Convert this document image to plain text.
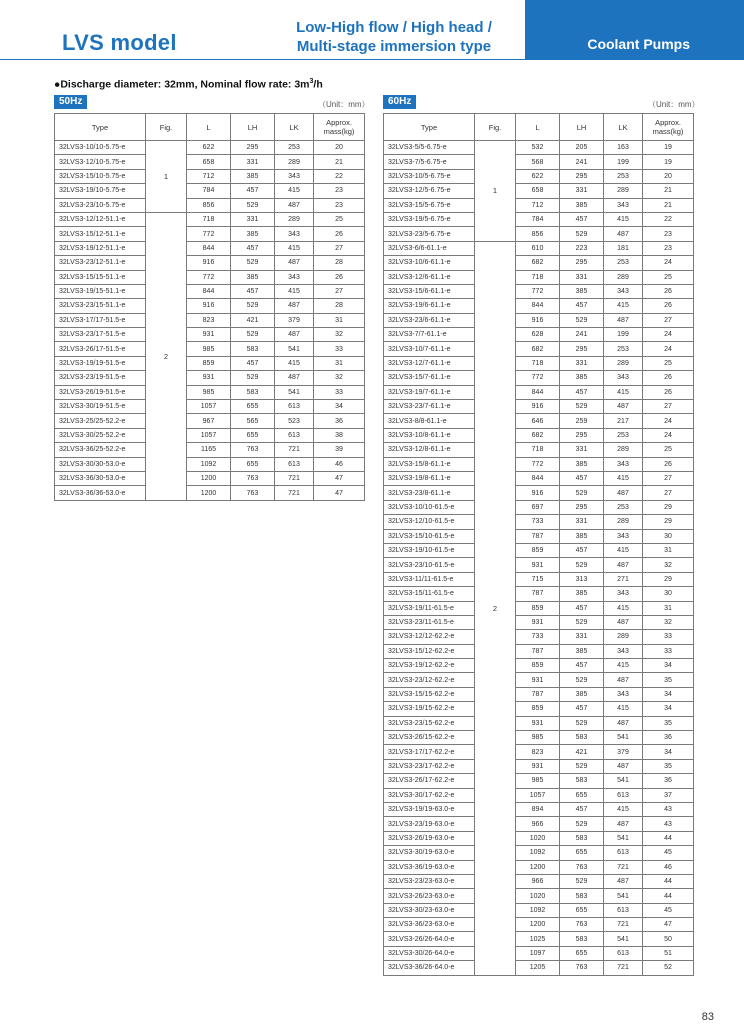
LVS model
Low-High flow / High head /
Multi-stage immersion type	Coolant Pumps
●Discharge diameter: 32mm, Nominal flow rate: $3m^3/h$
50Hz	（Unit：mm）	60Hz	（Unit：mm）
Type	Fig.	L	LH	LK	Approx.
mass(kg)
32LVS3-10/10-5.75-e	1	622	295	253	20
32LVS3-12/10-5.75-e		658	331	289	21
32LVS3-15/10-5.75-e		712	385	343	22
32LVS3-19/10-5.75-e		784	457	415	23
32LVS3-23/10-5.75-e		856	529	487	23
32LVS3-12/12-51.1-e	2	718	331	289	25
32LVS3-15/12-51.1-e		772	385	343	26
32LVS3-19/12-51.1-e		844	457	415	27
32LVS3-23/12-51.1-e		916	529	487	28
32LVS3-15/15-51.1-e		772	385	343	26
32LVS3-19/15-51.1-e		844	457	415	27
32LVS3-23/15-51.1-e		916	529	487	28
32LVS3-17/17-51.5-e		823	421	379	31
32LVS3-23/17-51.5-e		931	529	487	32
32LVS3-26/17-51.5-e		985	583	541	33
32LVS3-19/19-51.5-e		859	457	415	31
32LVS3-23/19-51.5-e		931	529	487	32
32LVS3-26/19-51.5-e		985	583	541	33
32LVS3-30/19-51.5-e		1057	655	613	34
32LVS3-25/25-52.2-e		967	565	523	36
32LVS3-30/25-52.2-e		1057	655	613	38
32LVS3-36/25-52.2-e		1165	763	721	39
32LVS3-30/30-53.0-e		1092	655	613	46
32LVS3-36/30-53.0-e		1200	763	721	47
32LVS3-36/36-53.0-e		1200	763	721	47
Type	Fig.	L	LH	LK	Approx.
mass(kg)
32LVS3-5/5-6.75-e	1	532	205	163	19
32LVS3-7/5-6.75-e		568	241	199	19
32LVS3-10/5-6.75-e		622	295	253	20
32LVS3-12/5-6.75-e		658	331	289	21
32LVS3-15/5-6.75-e		712	385	343	21
32LVS3-19/5-6.75-e		784	457	415	22
32LVS3-23/5-6.75-e		856	529	487	23
32LVS3-6/6-61.1-e	2	610	223	181	23
32LVS3-10/6-61.1-e		682	295	253	24
32LVS3-12/6-61.1-e		718	331	289	25
32LVS3-15/6-61.1-e		772	385	343	26
32LVS3-19/6-61.1-e		844	457	415	26
32LVS3-23/6-61.1-e		916	529	487	27
32LVS3-7/7-61.1-e		628	241	199	24
32LVS3-10/7-61.1-e		682	295	253	24
32LVS3-12/7-61.1-e		718	331	289	25
32LVS3-15/7-61.1-e		772	385	343	26
32LVS3-19/7-61.1-e		844	457	415	26
32LVS3-23/7-61.1-e		916	529	487	27
32LVS3-8/8-61.1-e		646	259	217	24
32LVS3-10/8-61.1-e		682	295	253	24
32LVS3-12/8-61.1-e		718	331	289	25
32LVS3-15/8-61.1-e		772	385	343	26
32LVS3-19/8-61.1-e		844	457	415	27
32LVS3-23/8-61.1-e		916	529	487	27
32LVS3-10/10-61.5-e		697	295	253	29
32LVS3-12/10-61.5-e		733	331	289	29
32LVS3-15/10-61.5-e		787	385	343	30
32LVS3-19/10-61.5-e		859	457	415	31
32LVS3-23/10-61.5-e		931	529	487	32
32LVS3-11/11-61.5-e		715	313	271	29
32LVS3-15/11-61.5-e		787	385	343	30
32LVS3-19/11-61.5-e		859	457	415	31
32LVS3-23/11-61.5-e		931	529	487	32
32LVS3-12/12-62.2-e		733	331	289	33
32LVS3-15/12-62.2-e		787	385	343	33
32LVS3-19/12-62.2-e		859	457	415	34
32LVS3-23/12-62.2-e		931	529	487	35
32LVS3-15/15-62.2-e		787	385	343	34
32LVS3-19/15-62.2-e		859	457	415	34
32LVS3-23/15-62.2-e		931	529	487	35
32LVS3-26/15-62.2-e		985	583	541	36
32LVS3-17/17-62.2-e		823	421	379	34
32LVS3-23/17-62.2-e		931	529	487	35
32LVS3-26/17-62.2-e		985	583	541	36
32LVS3-30/17-62.2-e		1057	655	613	37
32LVS3-19/19-63.0-e		894	457	415	43
32LVS3-23/19-63.0-e		966	529	487	43
32LVS3-26/19-63.0-e		1020	583	541	44
32LVS3-30/19-63.0-e		1092	655	613	45
32LVS3-36/19-63.0-e		1200	763	721	46
32LVS3-23/23-63.0-e		966	529	487	44
32LVS3-26/23-63.0-e		1020	583	541	44
32LVS3-30/23-63.0-e		1092	655	613	45
32LVS3-36/23-63.0-e		1200	763	721	47
32LVS3-26/26-64.0-e		1025	583	541	50
32LVS3-30/26-64.0-e		1097	655	613	51
32LVS3-36/26-64.0-e		1205	763	721	52
83
